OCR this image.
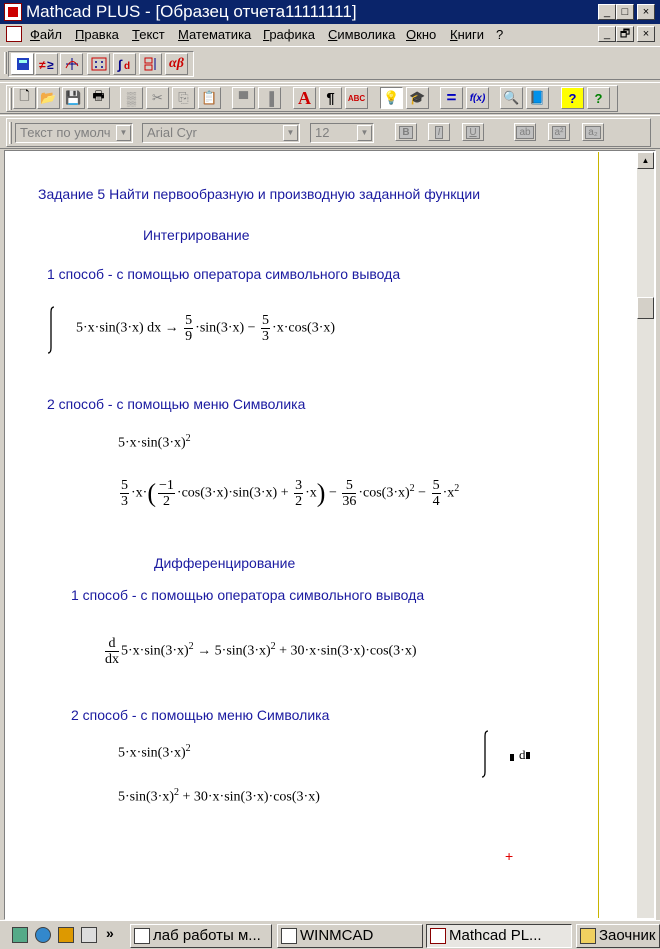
Mathcad PLUS - [Образец отчета11111111]	_	□	×
Файл Правка Текст Математика Графика Символика Окно Книги ?	_ 🗗	×
≠ ≥	∫ d	αβ
🗋 📂 💾 🖶	▒	✂	⎘ 📋	▀	▐	A	¶	ABC 💡 🎓	=	f(x) 🔍 📘	?	?
Текст по умолч	▼	Arial Cyr	▼	12	▼	B	I	U	ab	a²	a₂
▲
Задание 5 Найти первообразную и производную заданной функции
Интегрирование
1 способ - с помощью оператора символьного вывода
5·x·sin(3·x) dx → $\frac{5}{9} \cdot\sin(3\cdot x) - \frac{5}{3} \cdot x\cdot\cos(3\cdot x)$
2 способ - с помощью меню Символика
$5\cdot x\cdot\sin(3\cdot x)^2$
$\frac{5}{3} \cdot x\cdot( \frac{-1}{2} \cdot\cos(3\cdot x)\cdot\sin(3\cdot x) + \frac{3}{2} \cdot x) - \frac{5}{36} \cdot\cos(3\cdot x)^2 - \frac{5}{4} \cdot x^2$
Дифференцирование
1 способ - с помощью оператора символьного вывода
$\frac{d}{dx} 5\cdot x\cdot\sin(3\cdot x)^2 \to 5\cdot\sin(3\cdot x)^2 + 30\cdot x\cdot\sin(3\cdot x)\cdot\cos(3\cdot x)$
2 способ - с помощью меню Символика
$5\cdot x\cdot\sin(3\cdot x)^2$
$5\cdot\sin(3\cdot x)^2 + 30\cdot x\cdot\sin(3\cdot x)\cdot\cos(3\cdot x)$
d
+
»	лаб работы м...	WINMCAD	Mathcad PL...	Заочник
